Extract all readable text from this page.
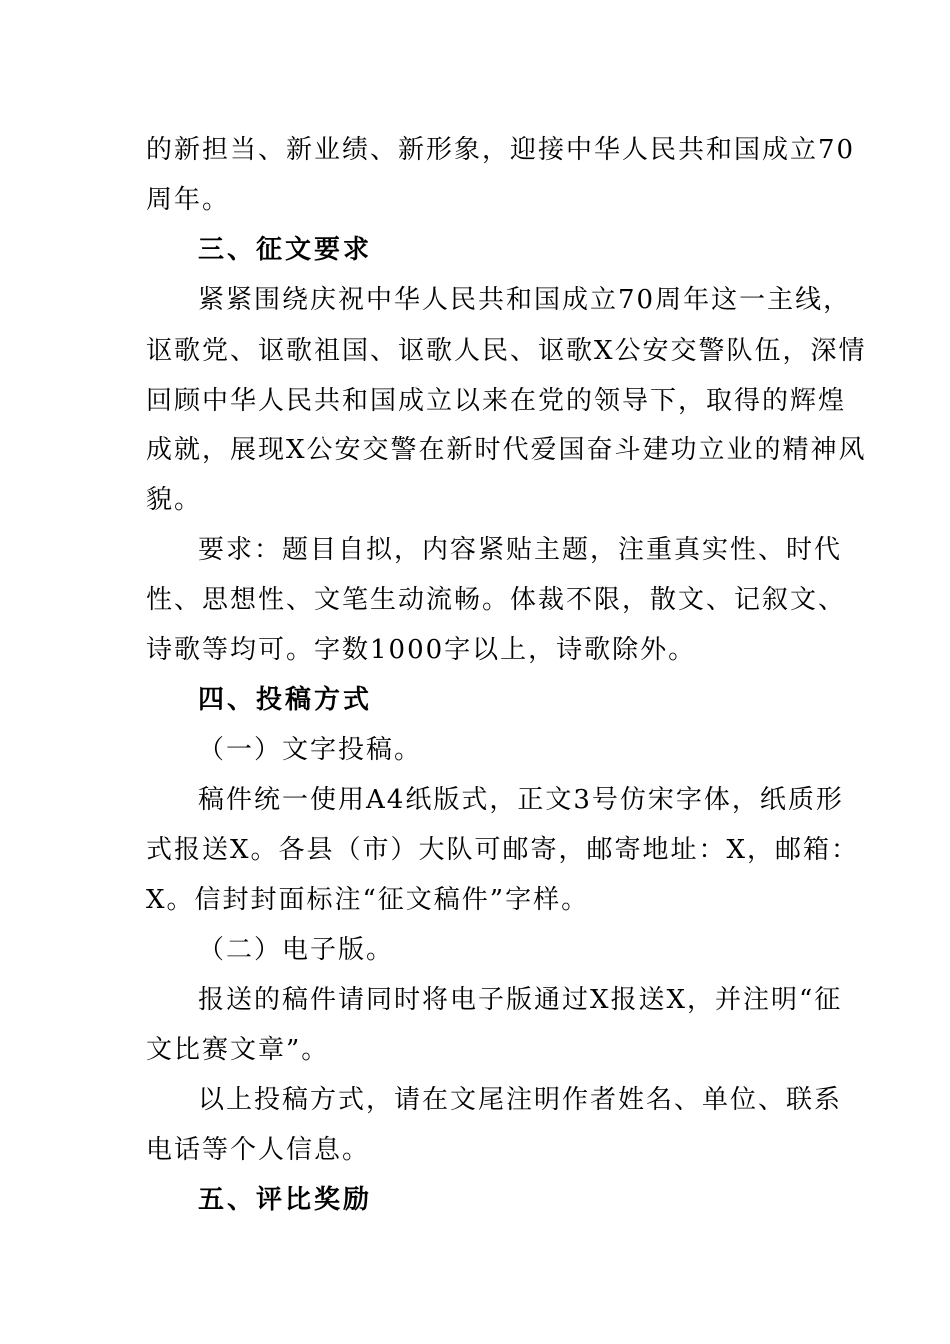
的新担当、新业绩、新形象，迎接中华人民共和国成立70
周年。
三、征文要求
紧紧围绕庆祝中华人民共和国成立70周年这一主线，
讴歌党、讴歌祖国、讴歌人民、讴歌X公安交警队伍，深情
回顾中华人民共和国成立以来在党的领导下，取得的辉煌
成就，展现X公安交警在新时代爱国奋斗建功立业的精神风
貌。
要求：题目自拟，内容紧贴主题，注重真实性、时代
性、思想性、文笔生动流畅。体裁不限，散文、记叙文、
诗歌等均可。字数1000字以上，诗歌除外。
四、投稿方式
（一）文字投稿。
稿件统一使用A4纸版式，正文3号仿宋字体，纸质形
式报送X。各县（市）大队可邮寄，邮寄地址：X，邮箱：
X。信封封面标注“征文稿件”字样。
（二）电子版。
报送的稿件请同时将电子版通过X报送X，并注明“征
文比赛文章”。
以上投稿方式，请在文尾注明作者姓名、单位、联系
电话等个人信息。
五、评比奖励
